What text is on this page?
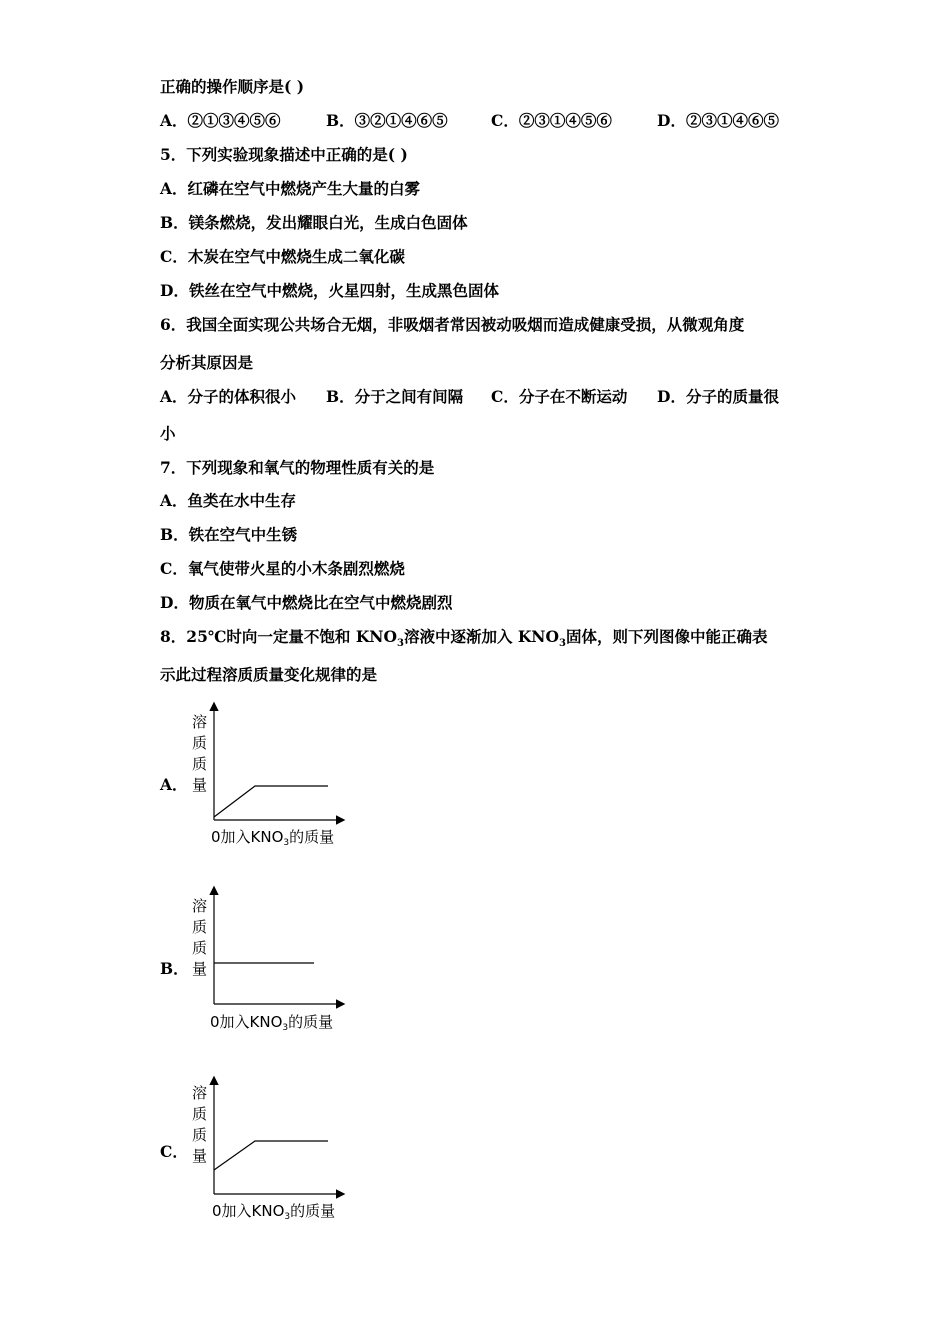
正确的操作顺序是( )
A．②①③④⑤⑥	B．③②①④⑥⑤	C．②③①④⑤⑥	D．②③①④⑥⑤
5．下列实验现象描述中正确的是( )
A．红磷在空气中燃烧产生大量的白雾
B．镁条燃烧，发出耀眼白光，生成白色固体
C．木炭在空气中燃烧生成二氧化碳
D．铁丝在空气中燃烧，火星四射，生成黑色固体
6．我国全面实现公共场合无烟，非吸烟者常因被动吸烟而造成健康受损，从微观角度
分析其原因是
A．分子的体积很小 B．分于之间有间隔 C．分子在不断运动 D．分子的质量很
小
7．下列现象和氧气的物理性质有关的是
A．鱼类在水中生存
B．铁在空气中生锈
C．氧气使带火星的小木条剧烈燃烧
D．物质在氧气中燃烧比在空气中燃烧剧烈
8．25℃时向一定量不饱和 $KNO_3$溶液中逐渐加入 $KNO_3$固体，则下列图像中能正确表
示此过程溶质质量变化规律的是
A．
溶
质
质
量
0加入$KNO_3$的质量
B．
溶
质
质
量
0加入$KNO_3$的质量
C．
溶
质
质
量
0加入$KNO_3$的质量
